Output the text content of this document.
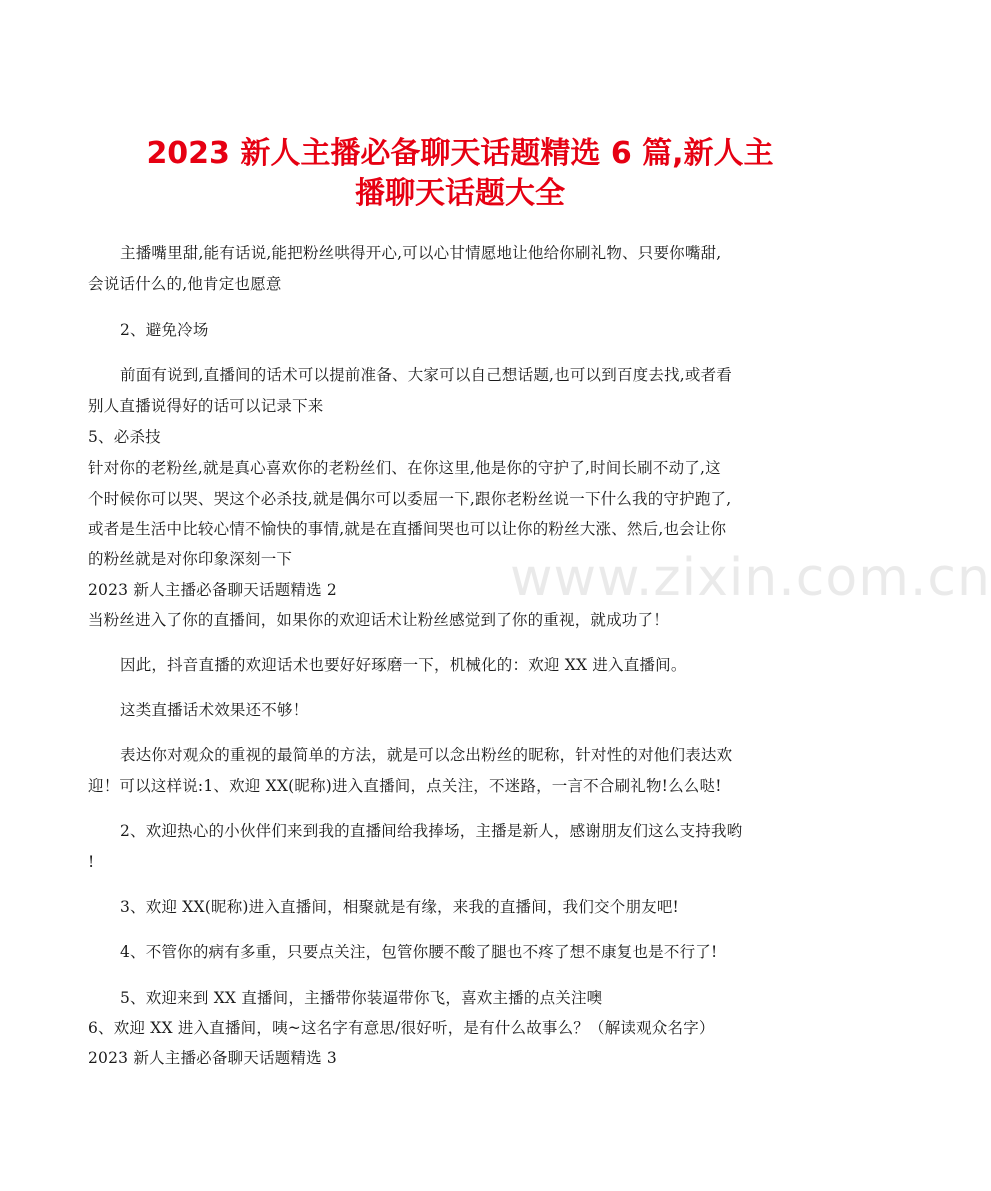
2023 新人主播必备聊天话题精选 6 篇,新人主
播聊天话题大全
www.zixin.com.cn
主播嘴里甜,能有话说,能把粉丝哄得开心,可以心甘情愿地让他给你刷礼物、只要你嘴甜,
会说话什么的,他肯定也愿意
2、避免冷场
前面有说到,直播间的话术可以提前准备、大家可以自己想话题,也可以到百度去找,或者看
别人直播说得好的话可以记录下来
5、必杀技
针对你的老粉丝,就是真心喜欢你的老粉丝们、在你这里,他是你的守护了,时间长刷不动了,这
个时候你可以哭、哭这个必杀技,就是偶尔可以委屈一下,跟你老粉丝说一下什么我的守护跑了,
或者是生活中比较心情不愉快的事情,就是在直播间哭也可以让你的粉丝大涨、然后,也会让你
的粉丝就是对你印象深刻一下
2023 新人主播必备聊天话题精选 2
当粉丝进入了你的直播间，如果你的欢迎话术让粉丝感觉到了你的重视，就成功了！
因此，抖音直播的欢迎话术也要好好琢磨一下，机械化的：欢迎 XX 进入直播间。
这类直播话术效果还不够！
表达你对观众的重视的最简单的方法，就是可以念出粉丝的昵称，针对性的对他们表达欢
迎！可以这样说:1、欢迎 XX(昵称)进入直播间，点关注，不迷路，一言不合刷礼物!么么哒!
2、欢迎热心的小伙伴们来到我的直播间给我捧场，主播是新人，感谢朋友们这么支持我哟
!
3、欢迎 XX(昵称)进入直播间，相聚就是有缘，来我的直播间，我们交个朋友吧!
4、不管你的病有多重，只要点关注，包管你腰不酸了腿也不疼了想不康复也是不行了!
5、欢迎来到 XX 直播间，主播带你装逼带你飞，喜欢主播的点关注噢
6、欢迎 XX 进入直播间，咦~这名字有意思/很好听，是有什么故事么？（解读观众名字）
2023 新人主播必备聊天话题精选 3
